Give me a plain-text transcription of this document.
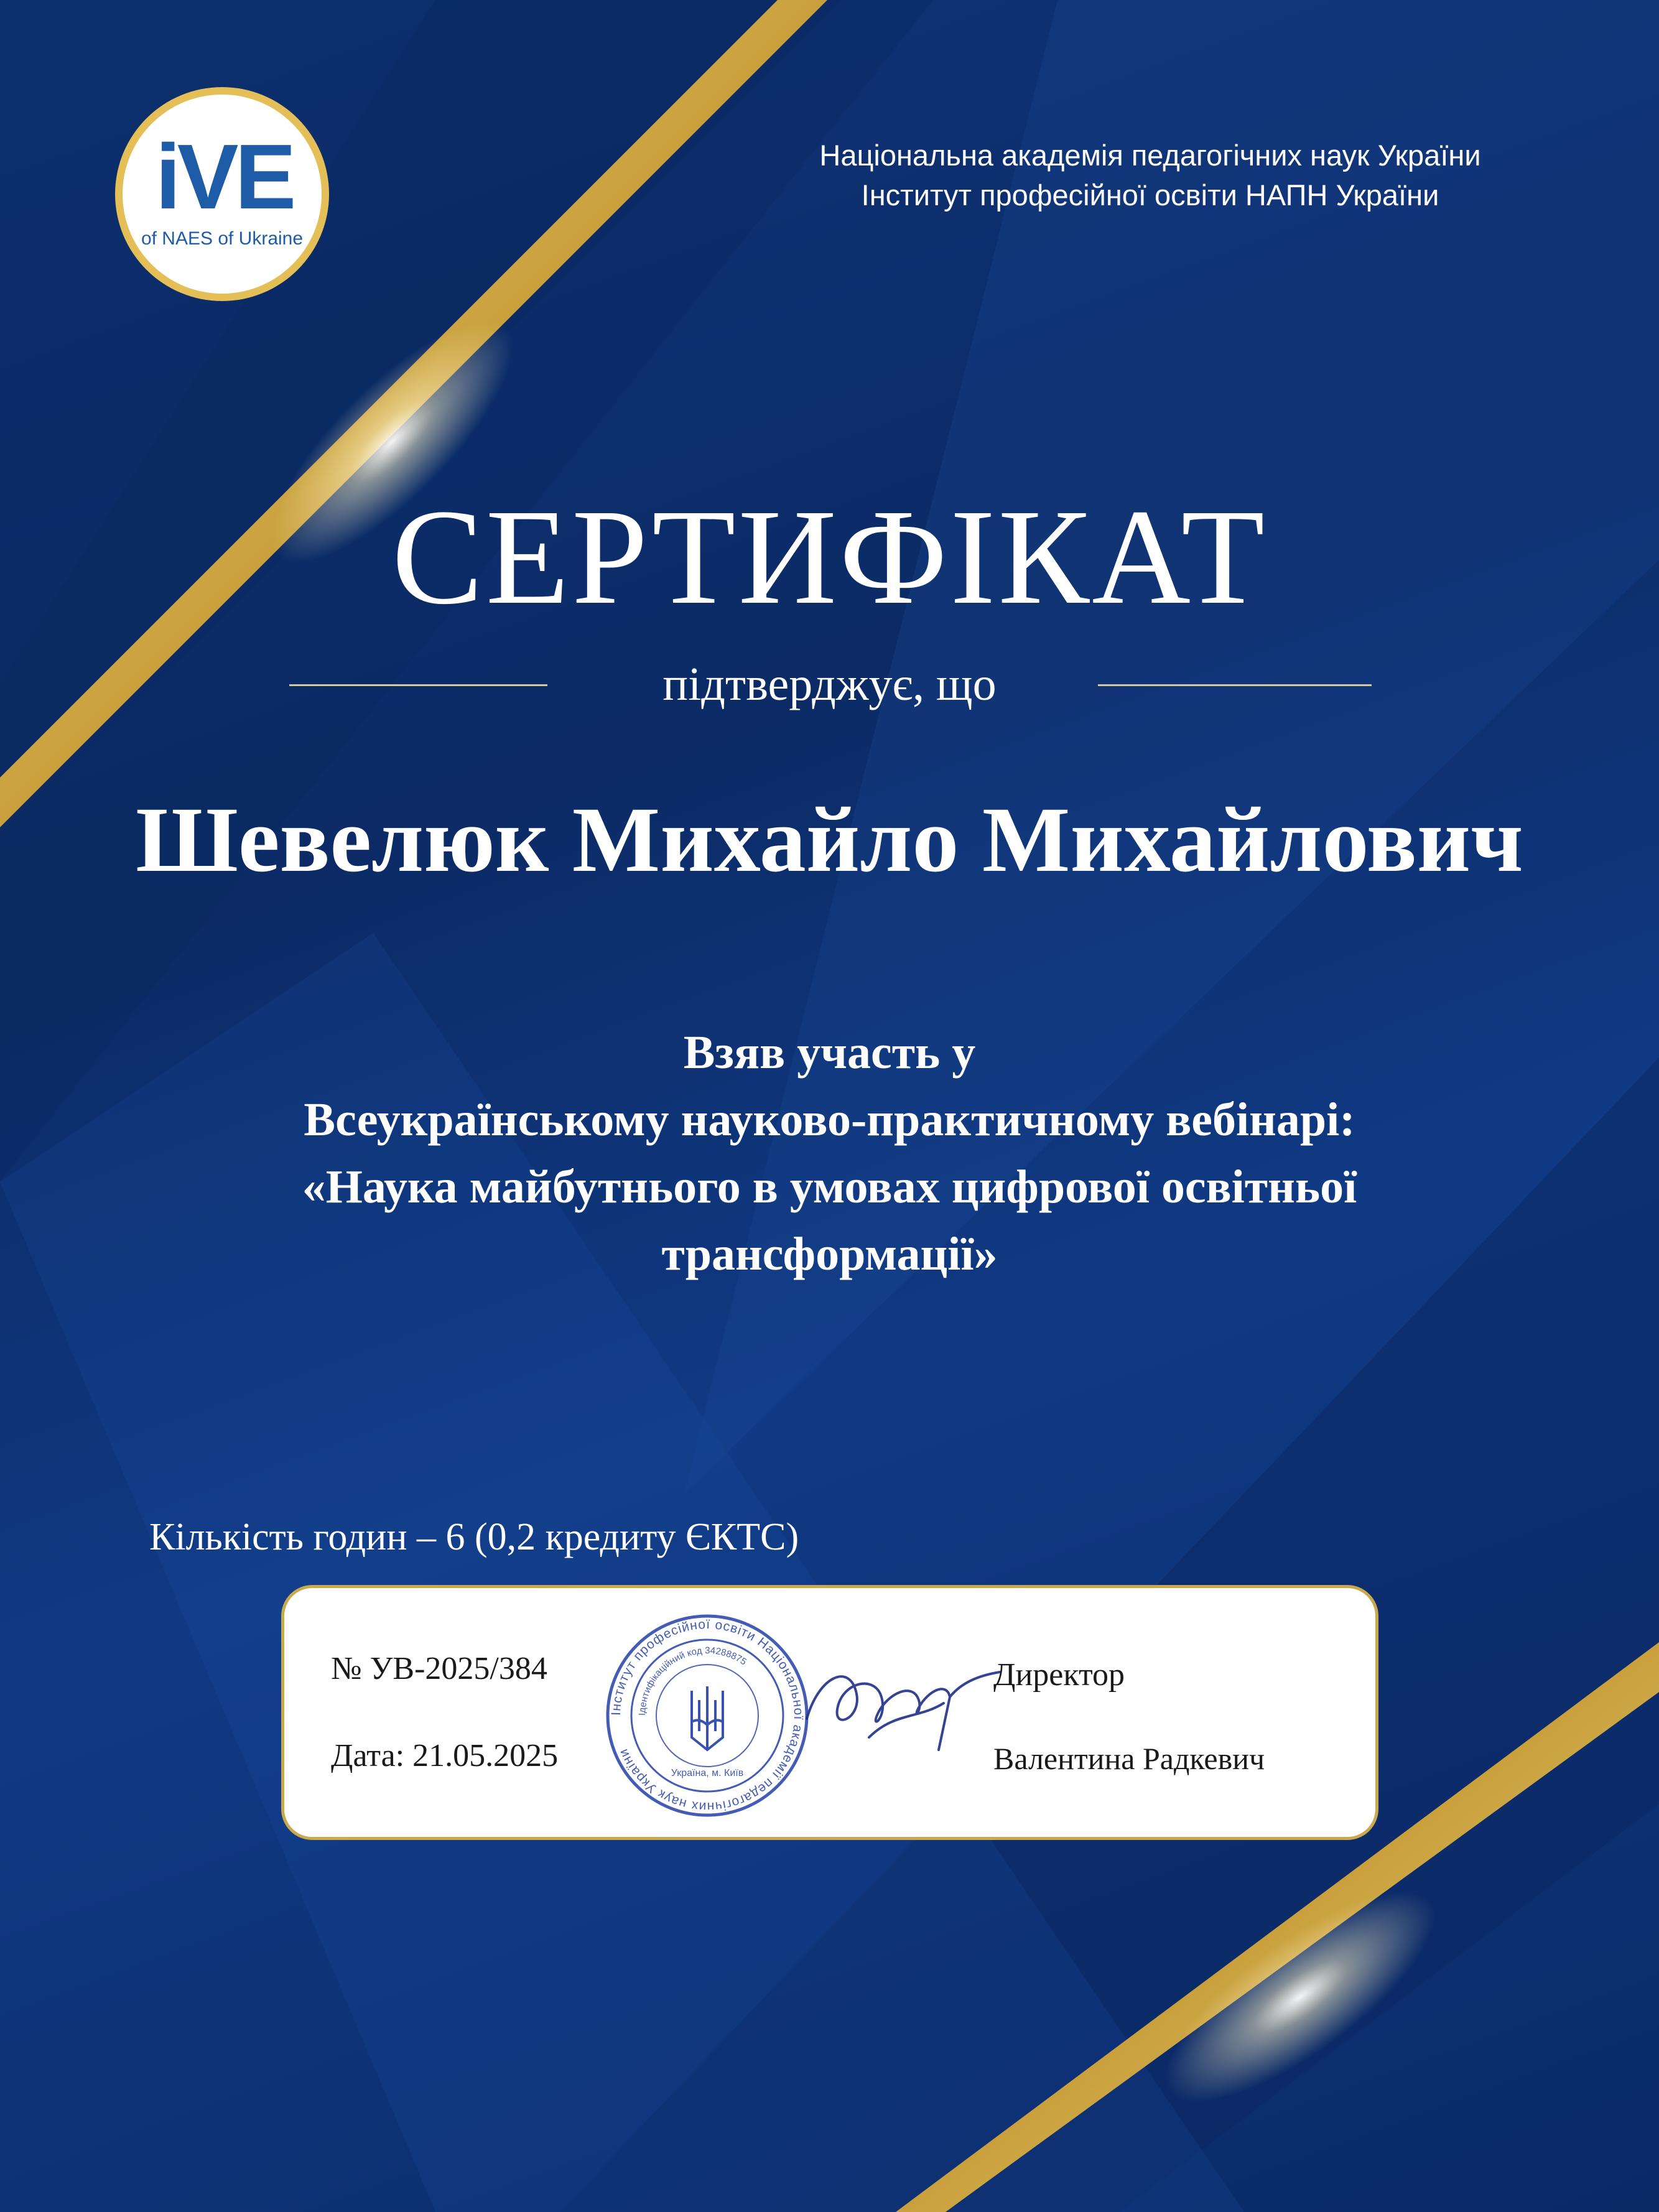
iVE
of NAES of Ukraine
Національна академія педагогічних наук України
Інститут професійної освіти НАПН України
СЕРТИФІКАТ
підтверджує, що
Шевелюк Михайло Михайлович
Взяв участь у
Всеукраїнському науково-практичному вебінарі:
«Наука майбутнього в умовах цифрової освітньої
трансформації»
Кількість годин – 6 (0,2 кредиту ЄКТС)
№ УВ-2025/384
Дата: 21.05.2025
Інститут професійної освіти Національної академії педагогічних наук України
Ідентифікаційний код 34288875
Україна, м. Київ
Директор
Валентина Радкевич
